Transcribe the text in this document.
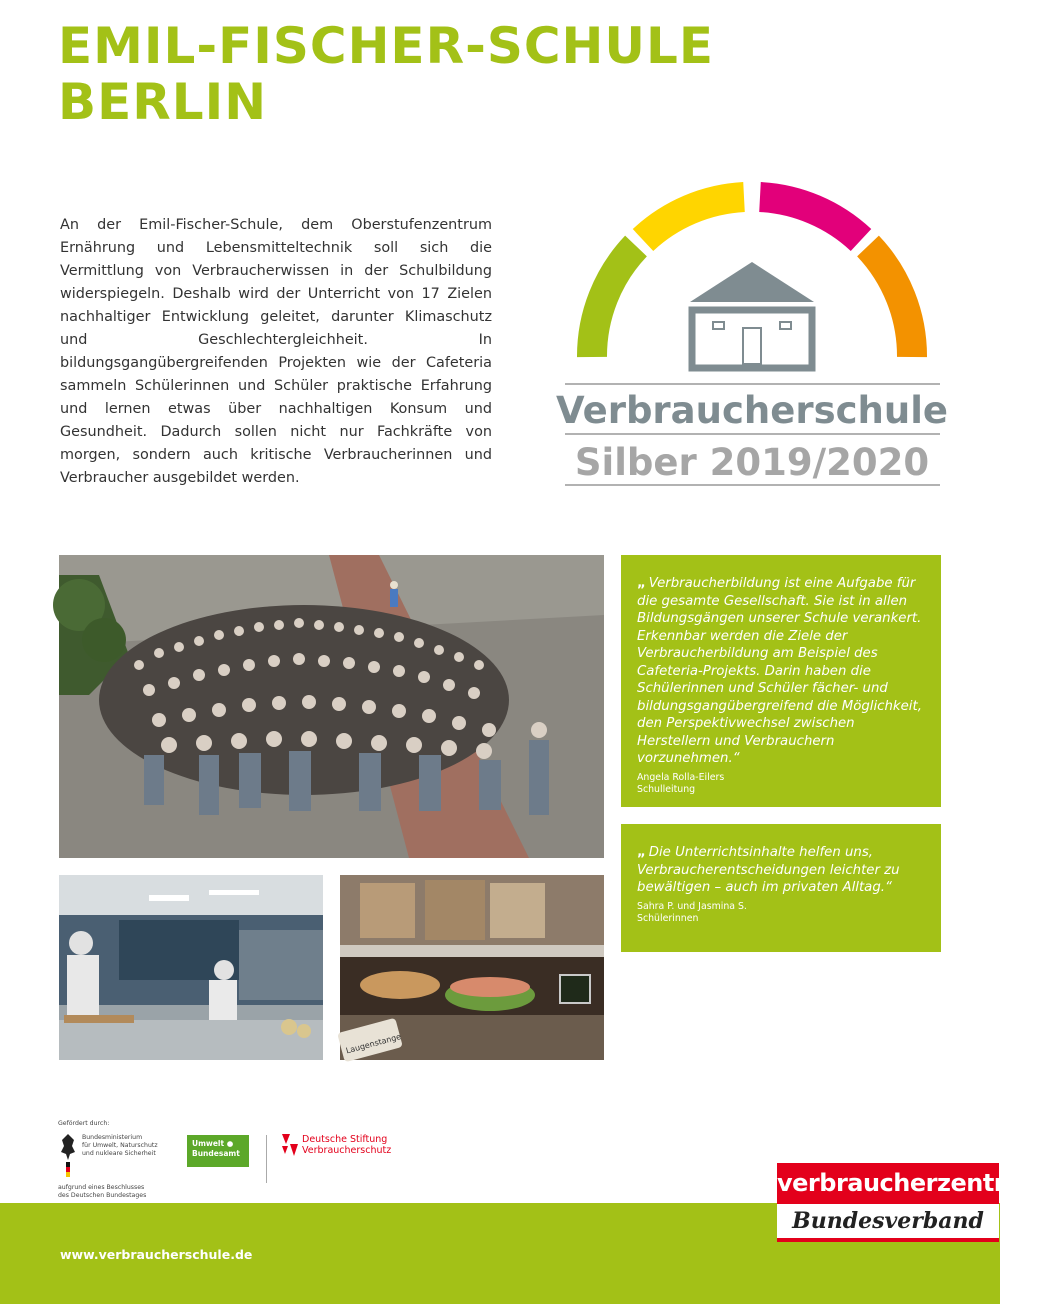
EMIL-FISCHER-SCHULE
BERLIN

An der Emil-Fischer-Schule, dem Oberstufenzentrum Ernährung und Lebensmitteltechnik soll sich die Vermittlung von Verbraucherwissen in der Schulbildung widerspiegeln. Deshalb wird der Unterricht von 17 Zielen nachhaltiger Entwicklung geleitet, darunter Klimaschutz und Geschlechtergleichheit. In bildungsgangübergreifenden Projekten wie der Cafeteria sammeln Schülerinnen und Schüler praktische Erfahrung und lernen etwas über nachhaltigen Konsum und Gesundheit. Dadurch sollen nicht nur Fachkräfte von morgen, sondern auch kritische Verbraucherinnen und Verbraucher ausgebildet werden.

Verbraucherschule
Silber 2019/2020
Laugenstange

„ Verbraucherbildung ist eine Aufgabe für die gesamte Gesellschaft. Sie ist in allen Bildungsgängen unserer Schule verankert. Erkennbar werden die Ziele der Verbraucherbildung am Beispiel des Cafeteria-Projekts. Darin haben die Schülerinnen und Schüler fächer- und bildungsgangübergreifend die Möglichkeit, den Perspektivwechsel zwischen Herstellern und Verbrauchern vorzunehmen.“

Angela Rolla-Eilers
Schulleitung

„ Die Unterrichtsinhalte helfen uns, Verbraucherentscheidungen leichter zu bewältigen – auch im privaten Alltag.“

Sahra P. und Jasmina S.
Schülerinnen
Gefördert durch:
Bundesministerium
für Umwelt, Naturschutz
und nukleare Sicherheit
aufgrund eines Beschlusses
des Deutschen Bundestages
Umwelt ●
Bundesamt
Deutsche Stiftung
Verbraucherschutz
www.verbraucherschule.de
verbraucherzentrale
Bundesverband
